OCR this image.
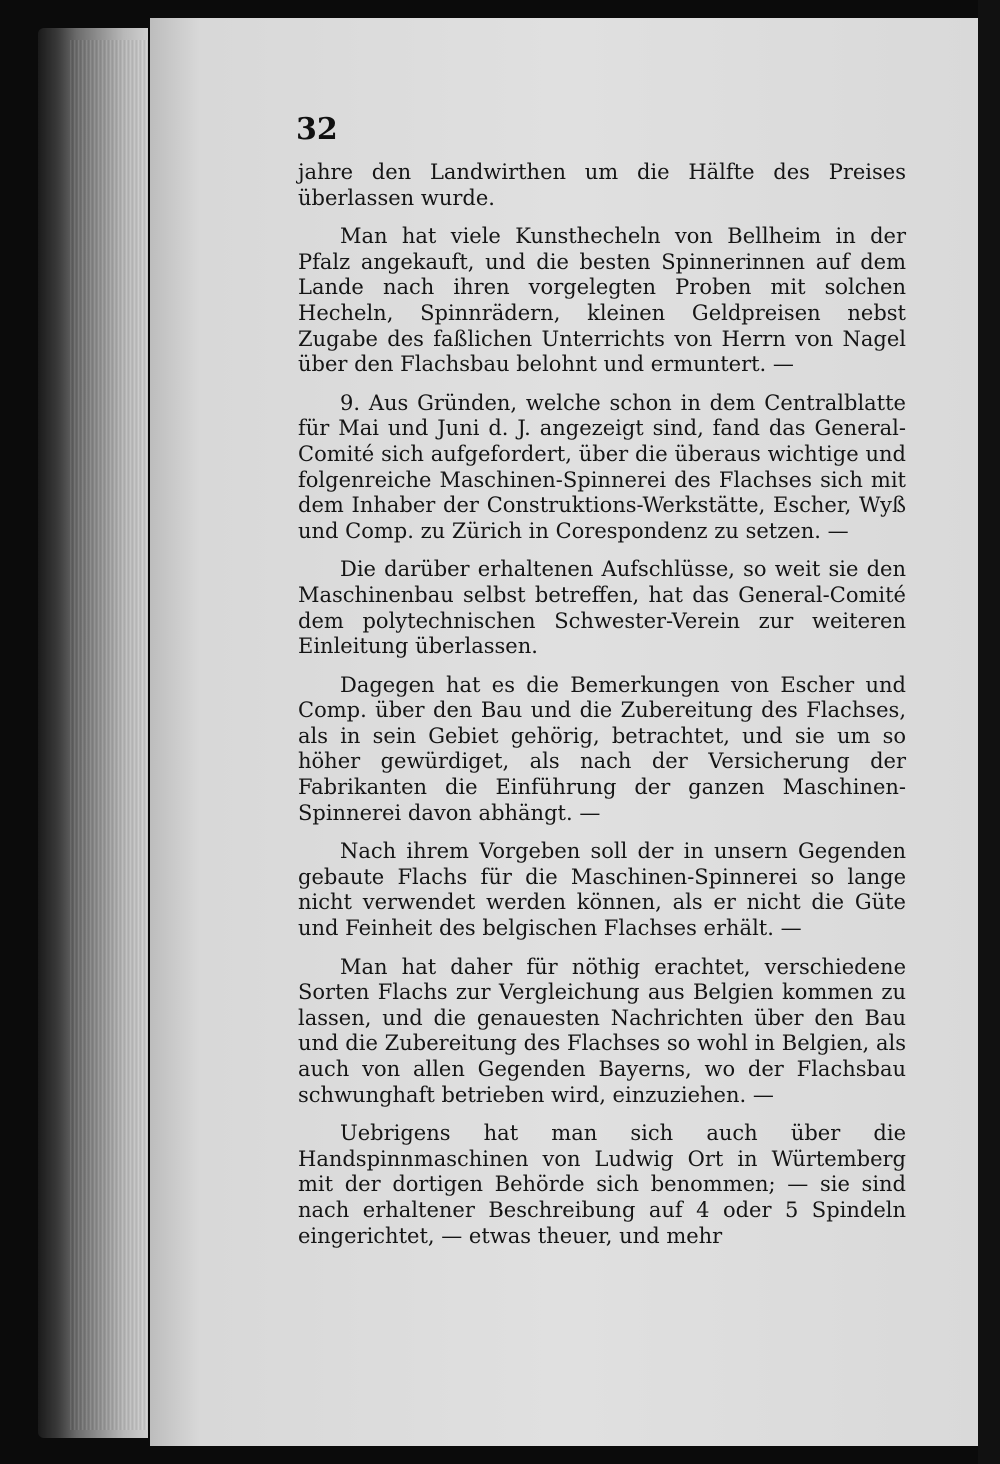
32

jahre den Landwirthen um die Hälfte des Preises überlassen wurde.

Man hat viele Kunsthecheln von Bellheim in der Pfalz angekauft, und die besten Spinnerinnen auf dem Lande nach ihren vorgelegten Proben mit solchen Hecheln, Spinnrädern, kleinen Geldpreisen nebst Zugabe des faßlichen Unterrichts von Herrn von Nagel über den Flachsbau belohnt und ermuntert. —

9. Aus Gründen, welche schon in dem Centralblatte für Mai und Juni d. J. angezeigt sind, fand das General-Comité sich aufgefordert, über die überaus wichtige und folgenreiche Maschinen-Spinnerei des Flachses sich mit dem Inhaber der Construktions-Werkstätte, Escher, Wyß und Comp. zu Zürich in Corespondenz zu setzen. —

Die darüber erhaltenen Aufschlüsse, so weit sie den Maschinenbau selbst betreffen, hat das General-Comité dem polytechnischen Schwester-Verein zur weiteren Einleitung überlassen.

Dagegen hat es die Bemerkungen von Escher und Comp. über den Bau und die Zubereitung des Flachses, als in sein Gebiet gehörig, betrachtet, und sie um so höher gewürdiget, als nach der Versicherung der Fabrikanten die Einführung der ganzen Maschinen-Spinnerei davon abhängt. —

Nach ihrem Vorgeben soll der in unsern Gegenden gebaute Flachs für die Maschinen-Spinnerei so lange nicht verwendet werden können, als er nicht die Güte und Feinheit des belgischen Flachses erhält. —

Man hat daher für nöthig erachtet, verschiedene Sorten Flachs zur Vergleichung aus Belgien kommen zu lassen, und die genauesten Nachrichten über den Bau und die Zubereitung des Flachses so wohl in Belgien, als auch von allen Gegenden Bayerns, wo der Flachsbau schwunghaft betrieben wird, einzuziehen. —

Uebrigens hat man sich auch über die Handspinnmaschinen von Ludwig Ort in Würtemberg mit der dortigen Behörde sich benommen; — sie sind nach erhaltener Beschreibung auf 4 oder 5 Spindeln eingerichtet, — etwas theuer, und mehr
